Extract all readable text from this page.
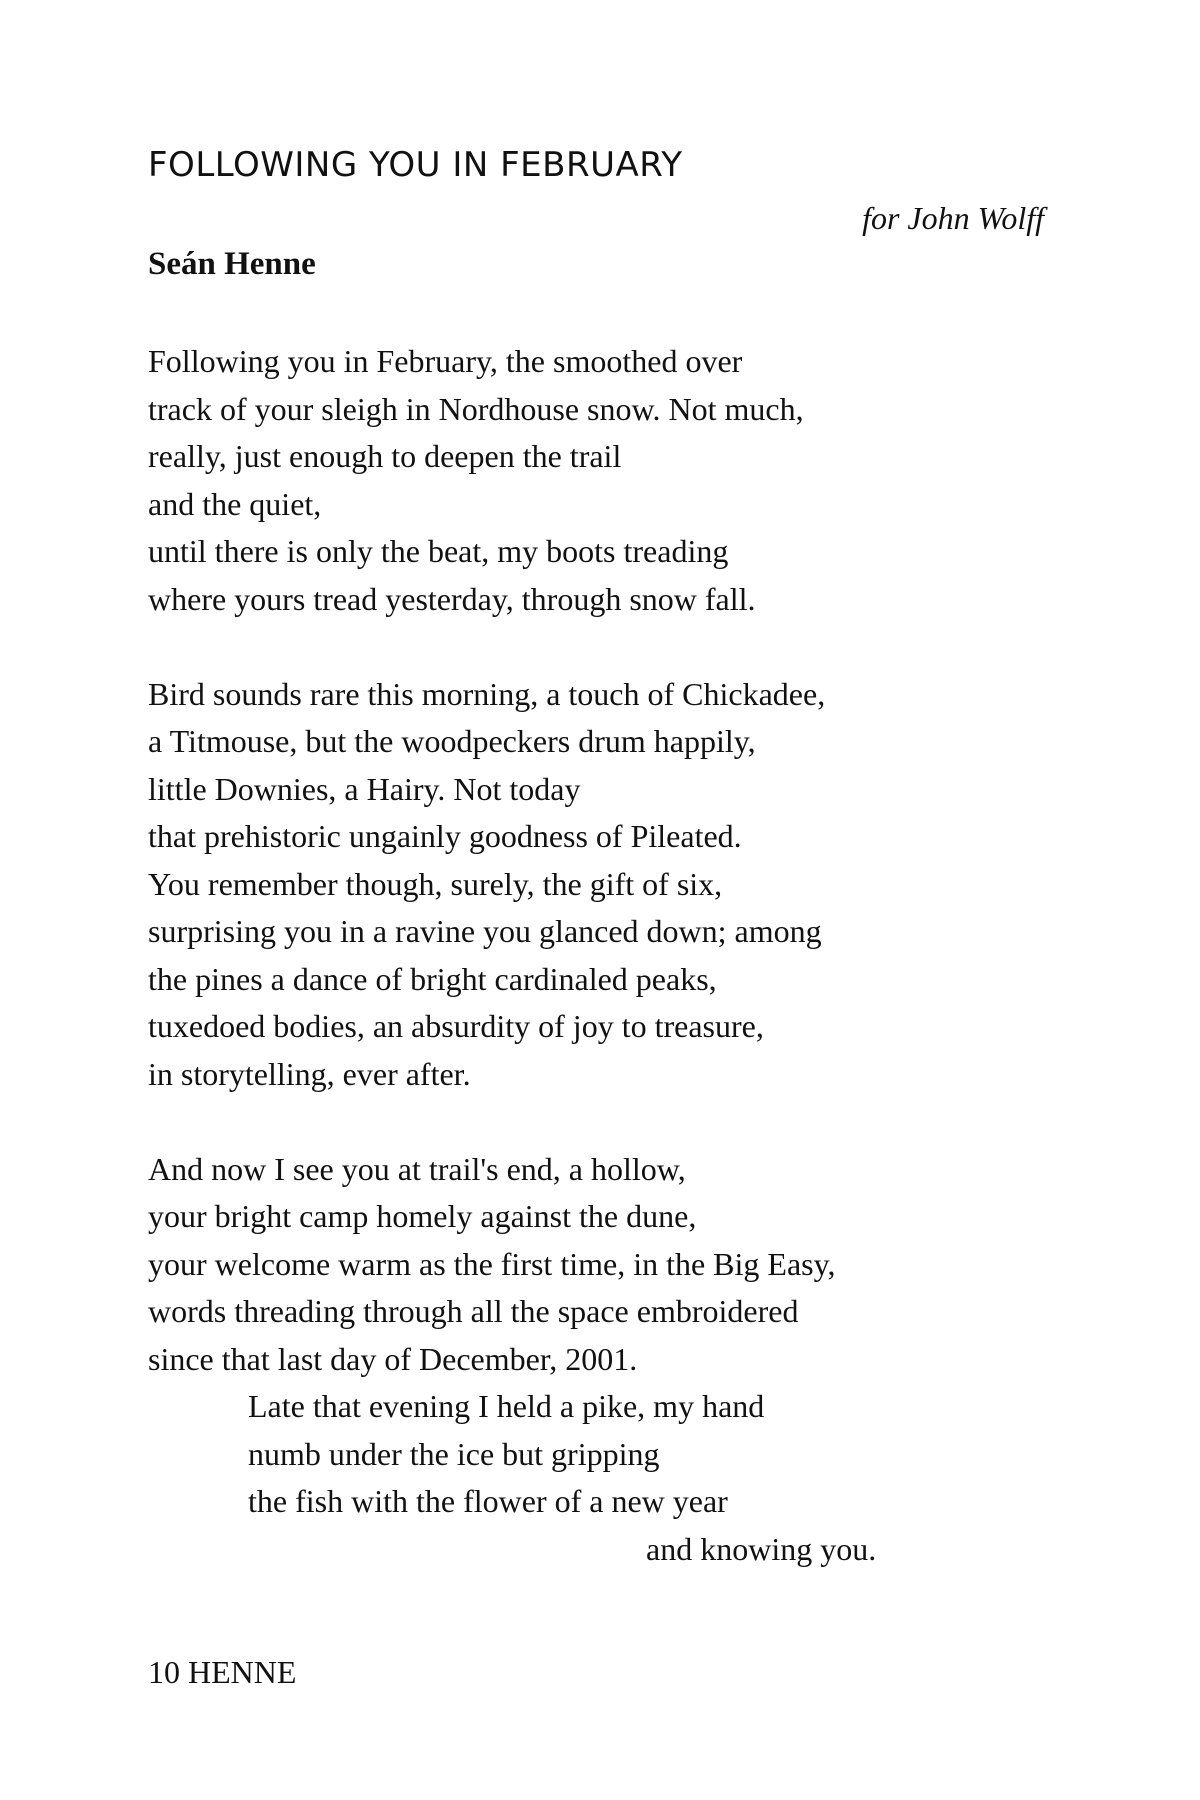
FOLLOWING YOU IN FEBRUARY
for John Wolff
Seán Henne
Following you in February, the smoothed over
track of your sleigh in Nordhouse snow. Not much,
really, just enough to deepen the trail
and the quiet,
until there is only the beat, my boots treading
where yours tread yesterday, through snow fall.
Bird sounds rare this morning, a touch of Chickadee,
a Titmouse, but the woodpeckers drum happily,
little Downies, a Hairy. Not today
that prehistoric ungainly goodness of Pileated.
You remember though, surely, the gift of six,
surprising you in a ravine you glanced down; among
the pines a dance of bright cardinaled peaks,
tuxedoed bodies, an absurdity of joy to treasure,
in storytelling, ever after.
And now I see you at trail's end, a hollow,
your bright camp homely against the dune,
your welcome warm as the first time, in the Big Easy,
words threading through all the space embroidered
since that last day of December, 2001.
Late that evening I held a pike, my hand
numb under the ice but gripping
the fish with the flower of a new year
and knowing you.
10 HENNE
